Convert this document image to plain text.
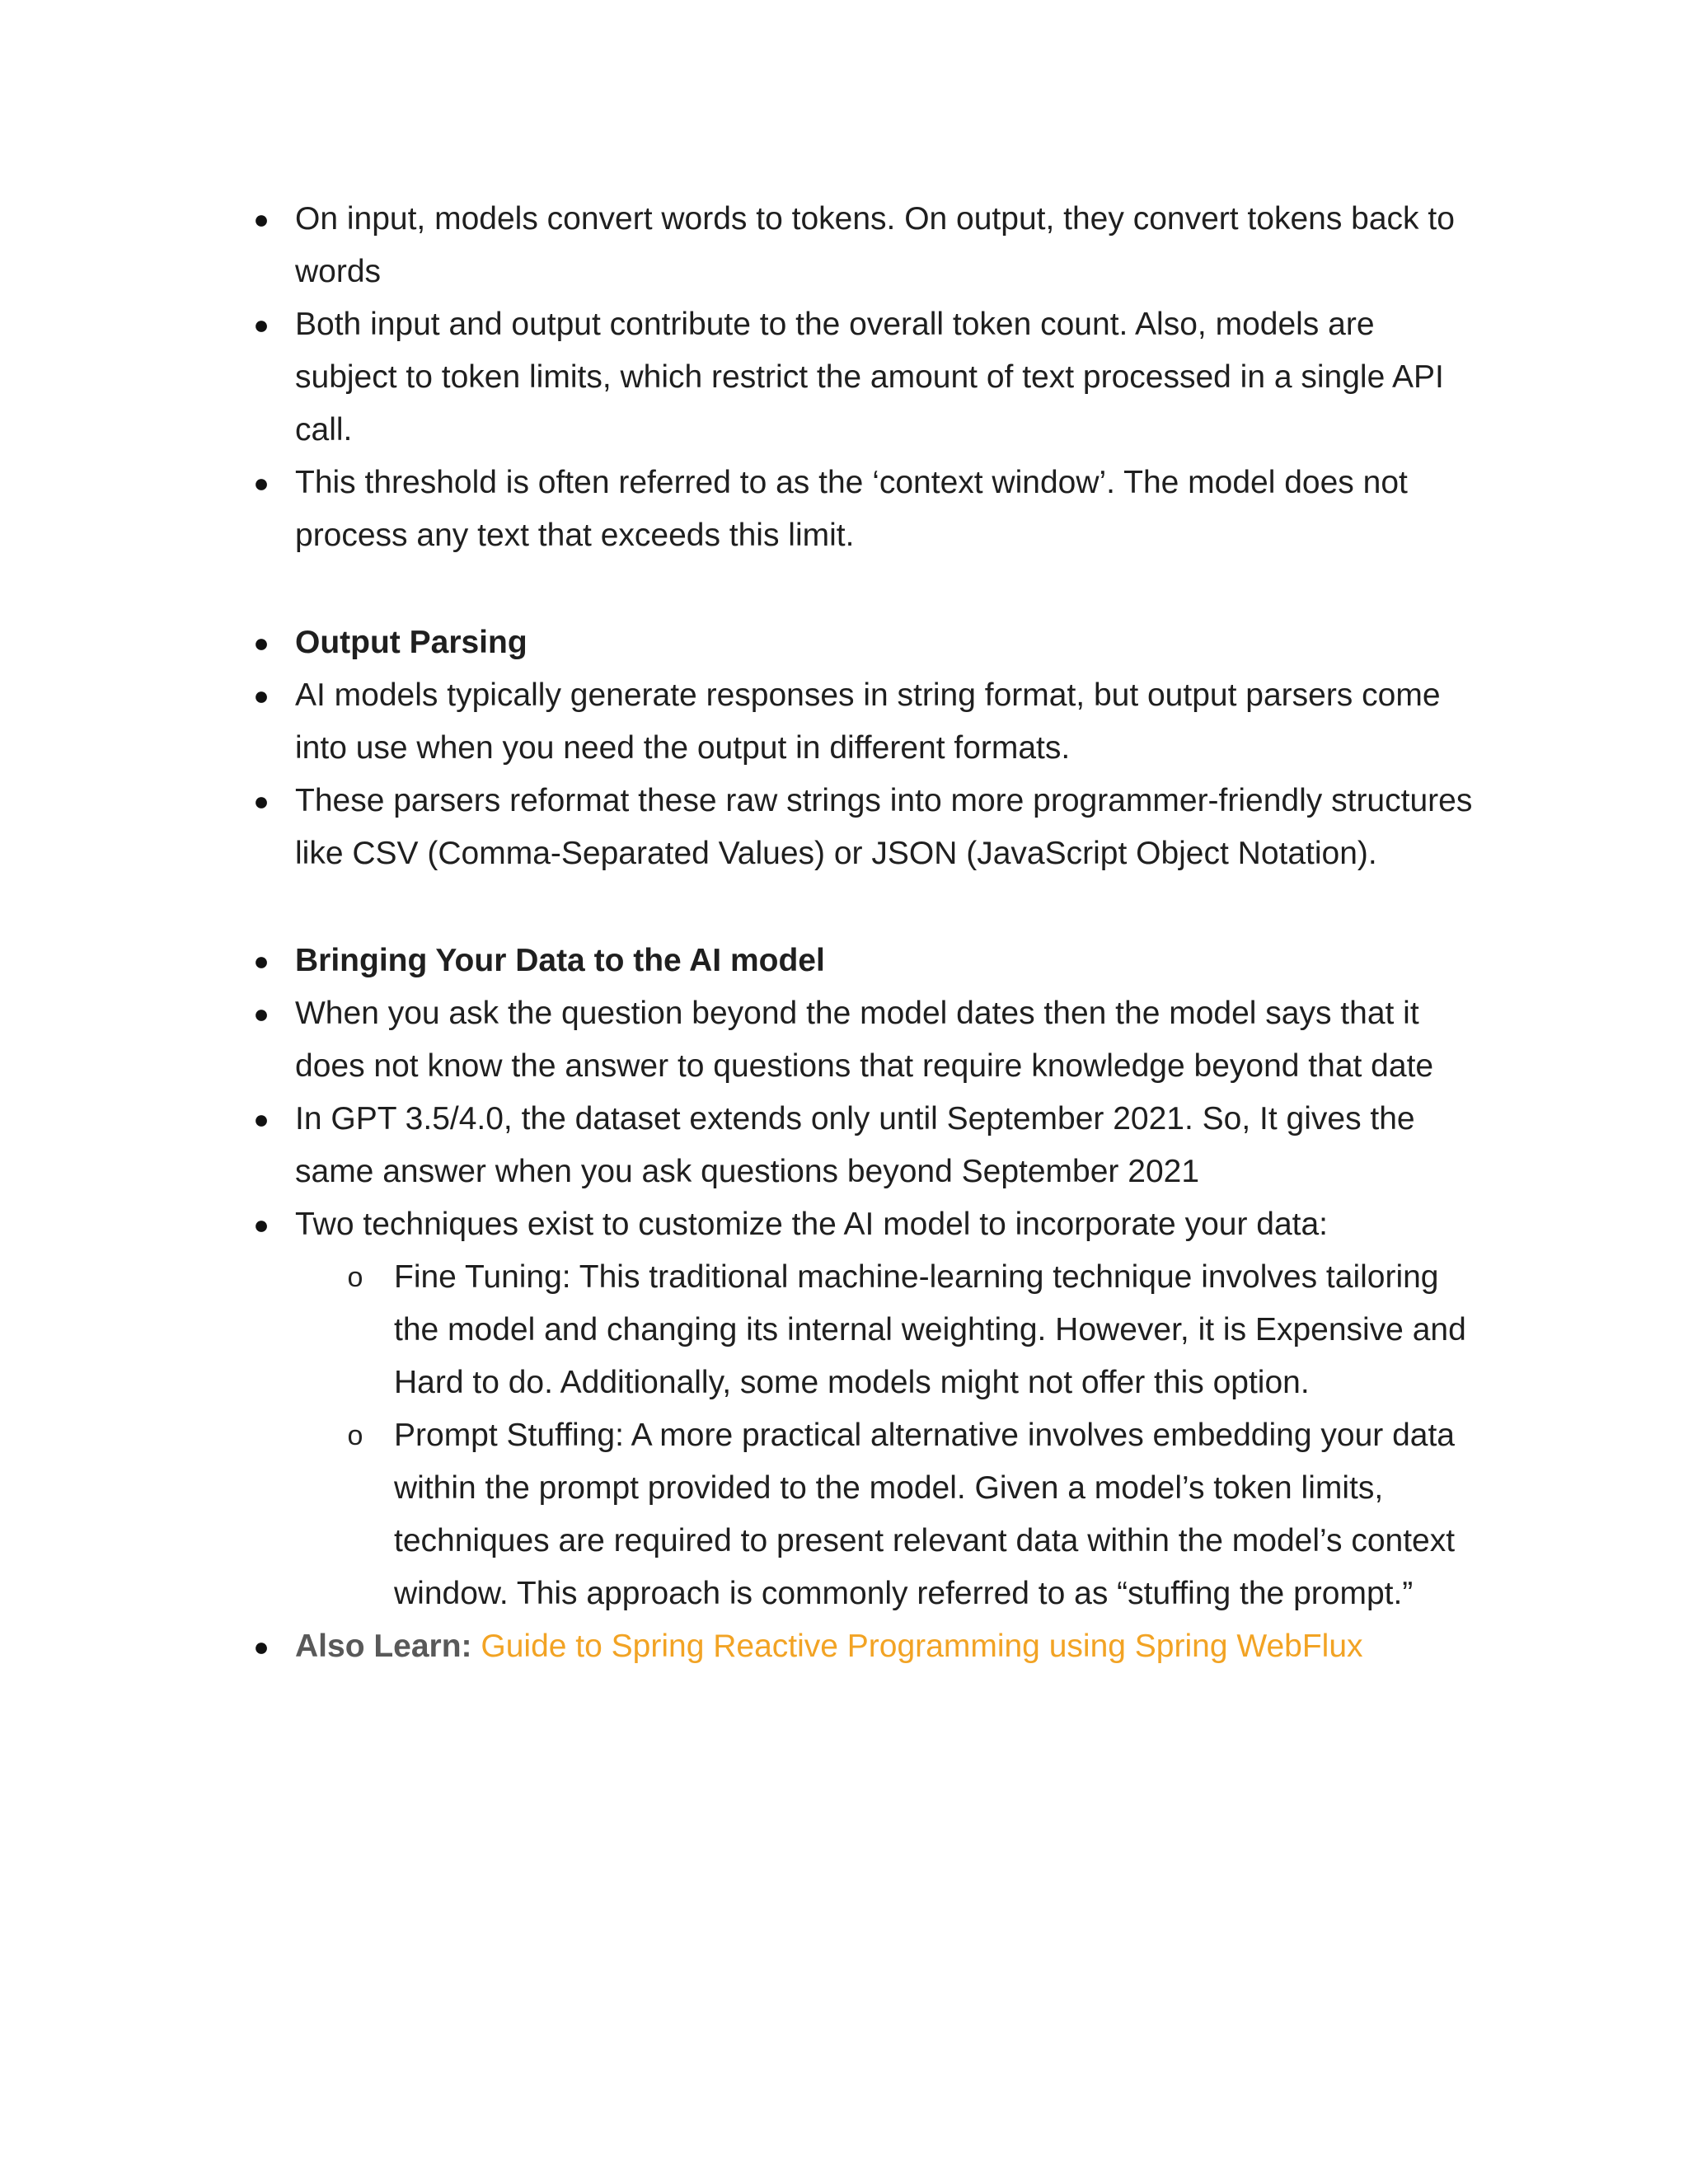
● On input, models convert words to tokens. On output, they convert tokens back to words
● Both input and output contribute to the overall token count. Also, models are subject to token limits, which restrict the amount of text processed in a single API call.
● This threshold is often referred to as the ‘context window’. The model does not process any text that exceeds this limit.
● Output Parsing
● AI models typically generate responses in string format, but output parsers come into use when you need the output in different formats.
● These parsers reformat these raw strings into more programmer-friendly structures like CSV (Comma-Separated Values) or JSON (JavaScript Object Notation).
● Bringing Your Data to the AI model
● When you ask the question beyond the model dates then the model says that it does not know the answer to questions that require knowledge beyond that date
● In GPT 3.5/4.0, the dataset extends only until September 2021. So, It gives the same answer when you ask questions beyond September 2021
● Two techniques exist to customize the AI model to incorporate your data:
o Fine Tuning: This traditional machine-learning technique involves tailoring the model and changing its internal weighting. However, it is Expensive and Hard to do. Additionally, some models might not offer this option.
o Prompt Stuffing: A more practical alternative involves embedding your data within the prompt provided to the model. Given a model’s token limits, techniques are required to present relevant data within the model’s context window. This approach is commonly referred to as “stuffing the prompt.”
● Also Learn: Guide to Spring Reactive Programming using Spring WebFlux
